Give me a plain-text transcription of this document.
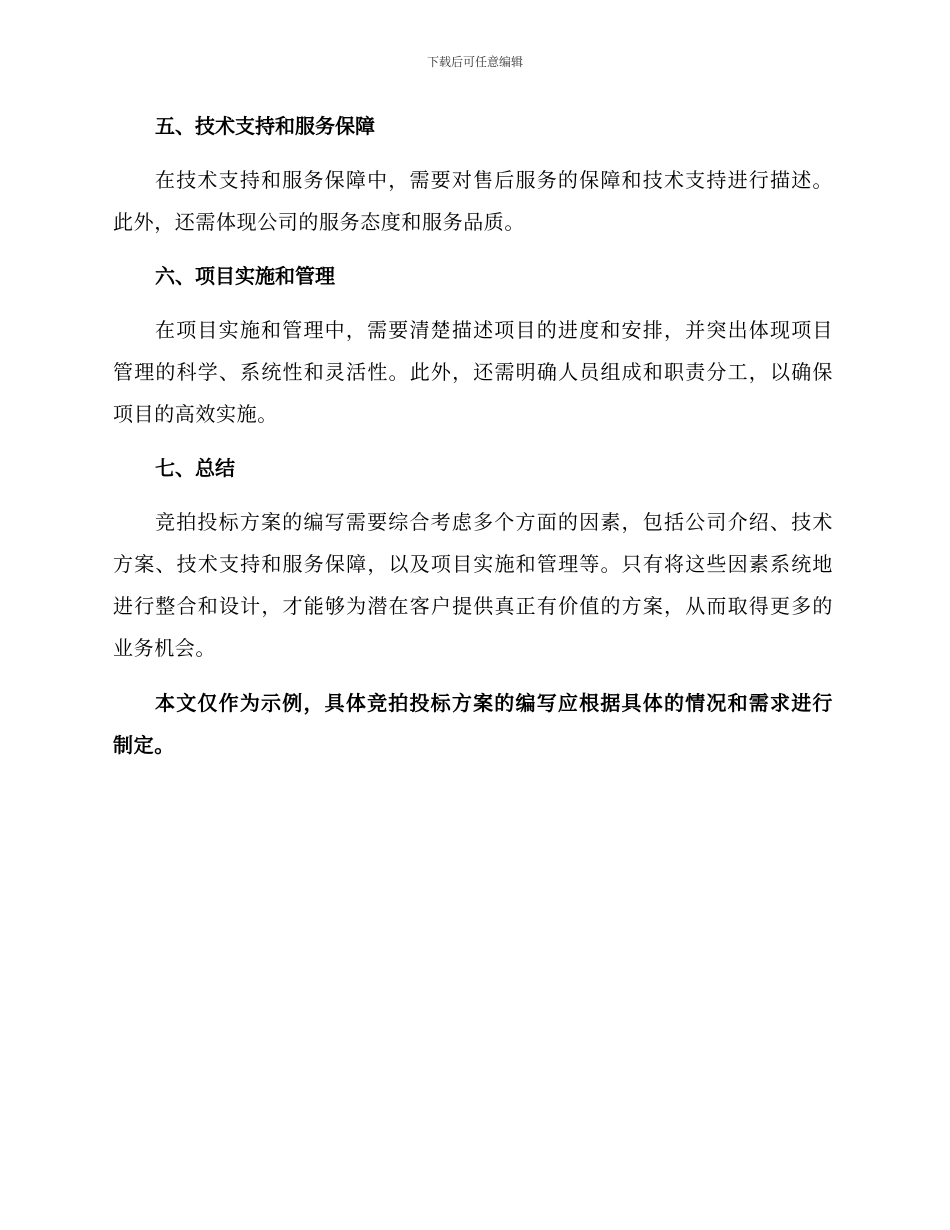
下载后可任意编辑
五、技术支持和服务保障

在技术支持和服务保障中，需要对售后服务的保障和技术支持进行描述。此外，还需体现公司的服务态度和服务品质。

六、项目实施和管理

在项目实施和管理中，需要清楚描述项目的进度和安排，并突出体现项目管理的科学、系统性和灵活性。此外，还需明确人员组成和职责分工，以确保项目的高效实施。

七、总结

竞拍投标方案的编写需要综合考虑多个方面的因素，包括公司介绍、技术方案、技术支持和服务保障，以及项目实施和管理等。只有将这些因素系统地进行整合和设计，才能够为潜在客户提供真正有价值的方案，从而取得更多的业务机会。

本文仅作为示例，具体竞拍投标方案的编写应根据具体的情况和需求进行制定。
